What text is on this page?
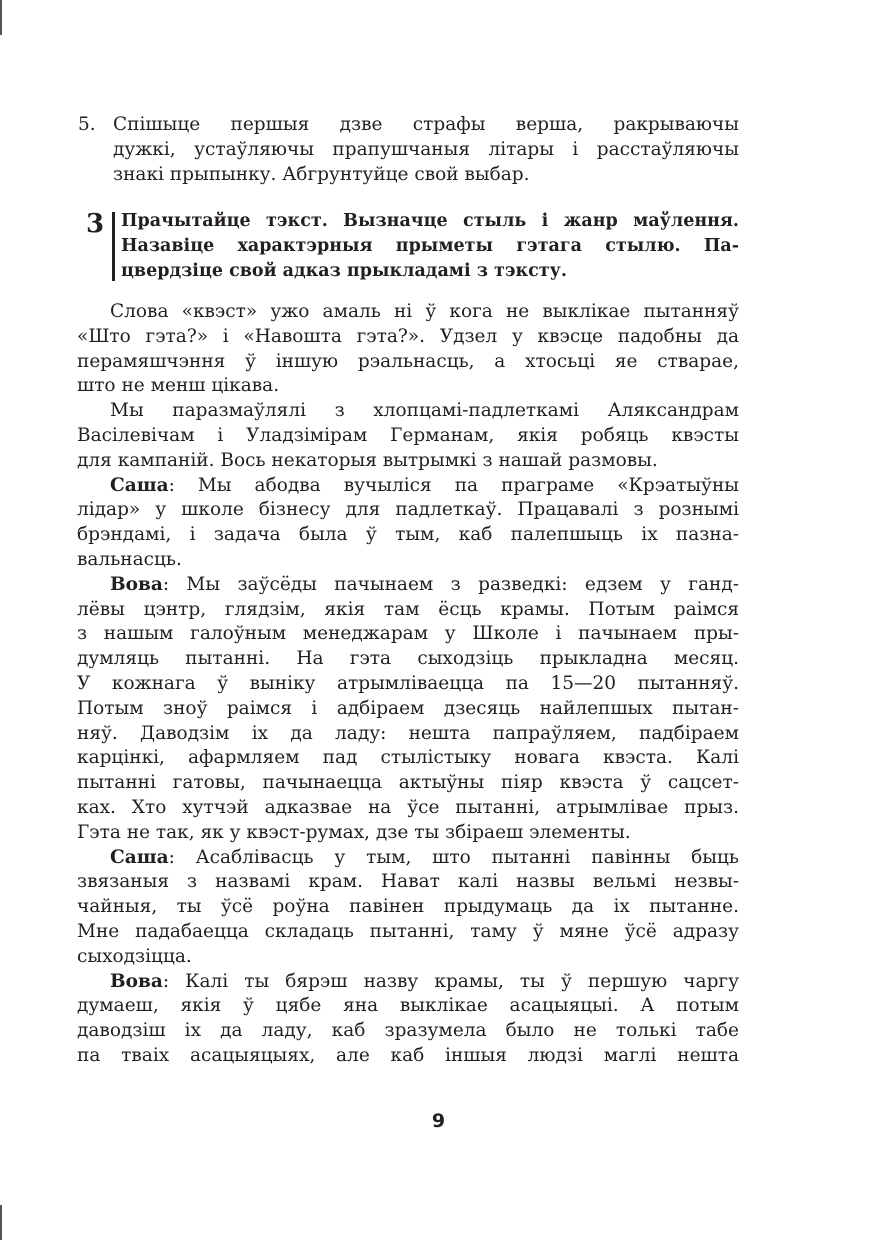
5. Спішыце першыя дзве страфы верша, ракрываючы
дужкі, устаўляючы прапушчаныя літары і расстаўляючы
знакі прыпынку. Абгрунтуйце свой выбар.
3 Прачытайце тэкст. Вызначце стыль і жанр маўлення.
Назавіце характэрныя прыметы гэтага стылю. Па-
цвердзіце свой адказ прыкладамі з тэксту.
Слова «квэст» ужо амаль ні ў кога не выклікае пытанняў
«Што гэта?» і «Навошта гэта?». Удзел у квэсце падобны да
перамяшчэння ў іншую рэальнасць, а хтосьці яе стварае,
што не менш цікава.
Мы паразмаўлялі з хлопцамі-падлеткамі Аляксандрам
Васілевічам і Уладзімірам Германам, якія робяць квэсты
для кампаній. Вось некаторыя вытрымкі з нашай размовы.
Саша: Мы абодва вучыліся па праграме «Крэатыўны
лідар» у школе бізнесу для падлеткаў. Працавалі з рознымі
брэндамі, і задача была ў тым, каб палепшыць іх пазна-
вальнасць.
Вова: Мы заўсёды пачынаем з разведкі: едзем у ганд-
лёвы цэнтр, глядзім, якія там ёсць крамы. Потым раімся
з нашым галоўным менеджарам у Школе і пачынаем пры-
думляць пытанні. На гэта сыходзіць прыкладна месяц.
У кожнага ў выніку атрымліваецца па 15—20 пытанняў.
Потым зноў раімся і адбіраем дзесяць найлепшых пытан-
няў. Даводзім іх да ладу: нешта папраўляем, падбіраем
карцінкі, афармляем пад стылістыку новага квэста. Калі
пытанні гатовы, пачынаецца актыўны піяр квэста ў сацсет-
ках. Хто хутчэй адказвае на ўсе пытанні, атрымлівае прыз.
Гэта не так, як у квэст-румах, дзе ты збіраеш элементы.
Саша: Асаблівасць у тым, што пытанні павінны быць
звязаныя з назвамі крам. Нават калі назвы вельмі незвы-
чайныя, ты ўсё роўна павінен прыдумаць да іх пытанне.
Мне падабаецца складаць пытанні, таму ў мяне ўсё адразу
сыходзіцца.
Вова: Калі ты бярэш назву крамы, ты ў першую чаргу
думаеш, якія ў цябе яна выклікае асацыяцыі. А потым
даводзіш іх да ладу, каб зразумела было не толькі табе
па тваіх асацыяцыях, але каб іншыя людзі маглі нешта
9
